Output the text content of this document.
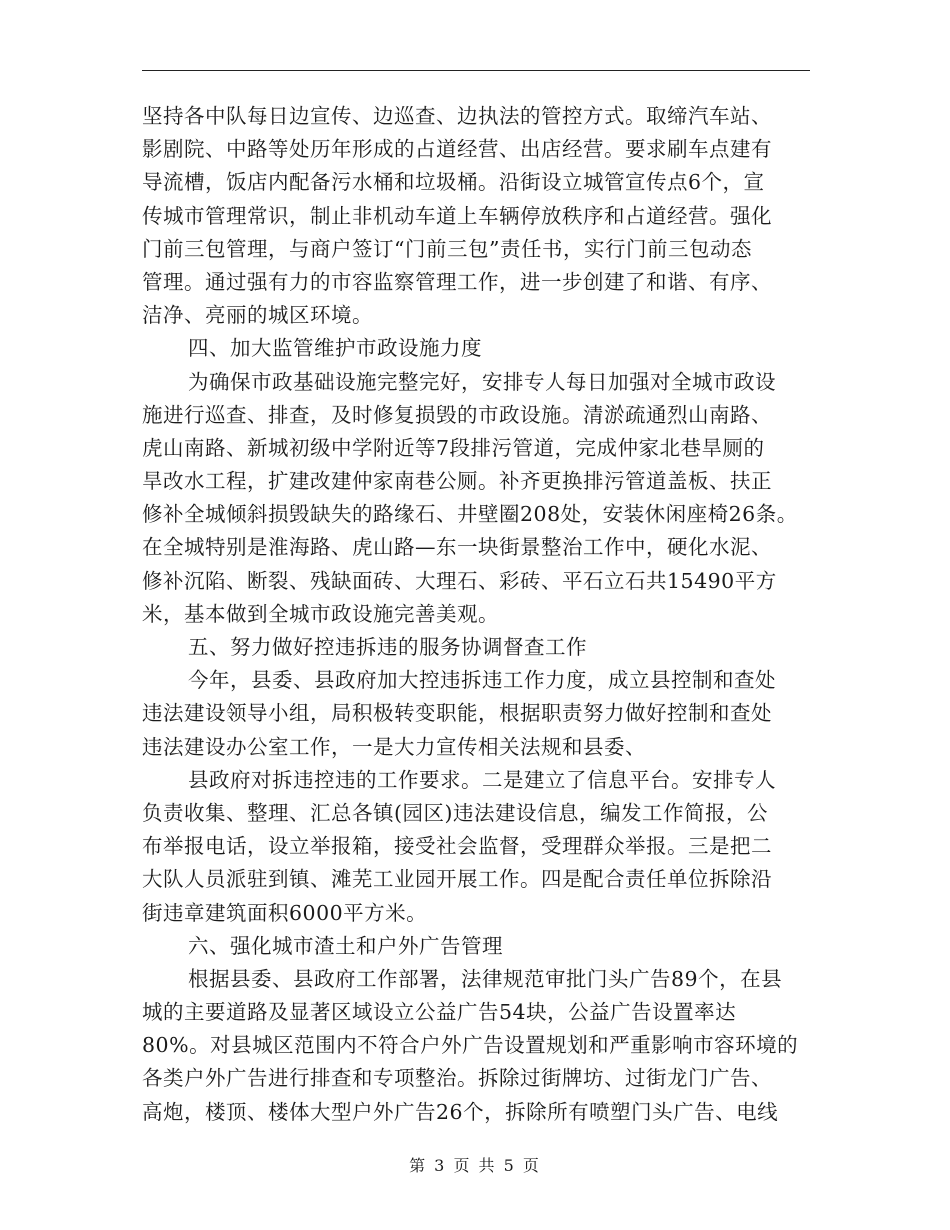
坚持各中队每日边宣传、边巡查、边执法的管控方式。取缔汽车站、
影剧院、中路等处历年形成的占道经营、出店经营。要求刷车点建有
导流槽，饭店内配备污水桶和垃圾桶。沿街设立城管宣传点6个，宣
传城市管理常识，制止非机动车道上车辆停放秩序和占道经营。强化
门前三包管理，与商户签订“门前三包”责任书，实行门前三包动态
管理。通过强有力的市容监察管理工作，进一步创建了和谐、有序、
洁净、亮丽的城区环境。
四、加大监管维护市政设施力度
为确保市政基础设施完整完好，安排专人每日加强对全城市政设
施进行巡查、排查，及时修复损毁的市政设施。清淤疏通烈山南路、
虎山南路、新城初级中学附近等7段排污管道，完成仲家北巷旱厕的
旱改水工程，扩建改建仲家南巷公厕。补齐更换排污管道盖板、扶正
修补全城倾斜损毁缺失的路缘石、井壁圈208处，安装休闲座椅26条。
在全城特别是淮海路、虎山路—东一块街景整治工作中，硬化水泥、
修补沉陷、断裂、残缺面砖、大理石、彩砖、平石立石共15490平方
米，基本做到全城市政设施完善美观。
五、努力做好控违拆违的服务协调督查工作
今年，县委、县政府加大控违拆违工作力度，成立县控制和查处
违法建设领导小组，局积极转变职能，根据职责努力做好控制和查处
违法建设办公室工作，一是大力宣传相关法规和县委、
县政府对拆违控违的工作要求。二是建立了信息平台。安排专人
负责收集、整理、汇总各镇(园区)违法建设信息，编发工作简报，公
布举报电话，设立举报箱，接受社会监督，受理群众举报。三是把二
大队人员派驻到镇、滩芜工业园开展工作。四是配合责任单位拆除沿
街违章建筑面积6000平方米。
六、强化城市渣土和户外广告管理
根据县委、县政府工作部署，法律规范审批门头广告89个，在县
城的主要道路及显著区域设立公益广告54块，公益广告设置率达
80%。对县城区范围内不符合户外广告设置规划和严重影响市容环境的
各类户外广告进行排查和专项整治。拆除过街牌坊、过街龙门广告、
高炮，楼顶、楼体大型户外广告26个，拆除所有喷塑门头广告、电线
第 3 页 共 5 页
